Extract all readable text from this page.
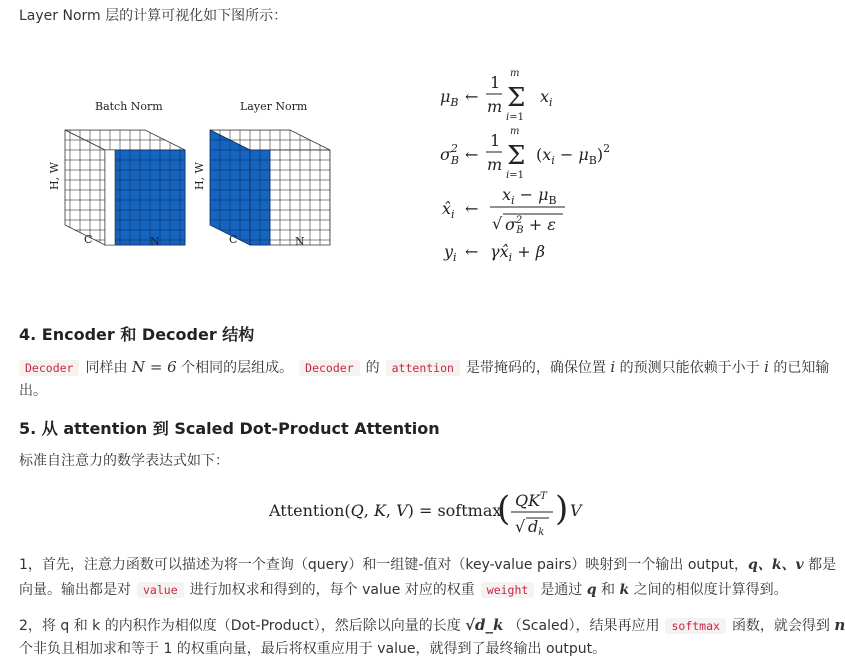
Layer Norm 层的计算可视化如下图所示：
Batch Norm
C	N
H, W
Layer Norm
C	N
H, W
$\mu_B$ ←
1
m
m
Σ
i=1
$x_i$
$\sigma^2$ B ←
1
m
m
Σ
i=1
$(x_i - \mu_B)^2$
$x̂_i$ ←
$x_i - \mu_B$
√ $\sigma^2$ B + ε
$y_i$ ← $\gamma x̂_i + \beta$
4. Encoder 和 Decoder 结构
Decoder 同样由 N = 6 个相同的层组成。 Decoder 的 attention 是带掩码的，确保位置 i 的预测只能依赖于小于 i 的已知输
出。
5. 从 attention 到 Scaled Dot-Product Attention
标准自注意力的数学表达式如下：
Attention(Q, K, V) = softmax
( $QK^T$
√ dk
) V
1，首先，注意力函数可以描述为将一个查询（query）和一组键-值对（key-value pairs）映射到一个输出 output，q、k、v 都是
向量。输出都是对 value 进行加权求和得到的，每个 value 对应的权重 weight 是通过 q 和 k 之间的相似度计算得到。
2，将 q 和 k 的内积作为相似度（Dot-Product），然后除以向量的长度 √d_k （Scaled），结果再应用 softmax 函数，就会得到 n
个非负且相加求和等于 1 的权重向量，最后将权重应用于 value，就得到了最终输出 output。
